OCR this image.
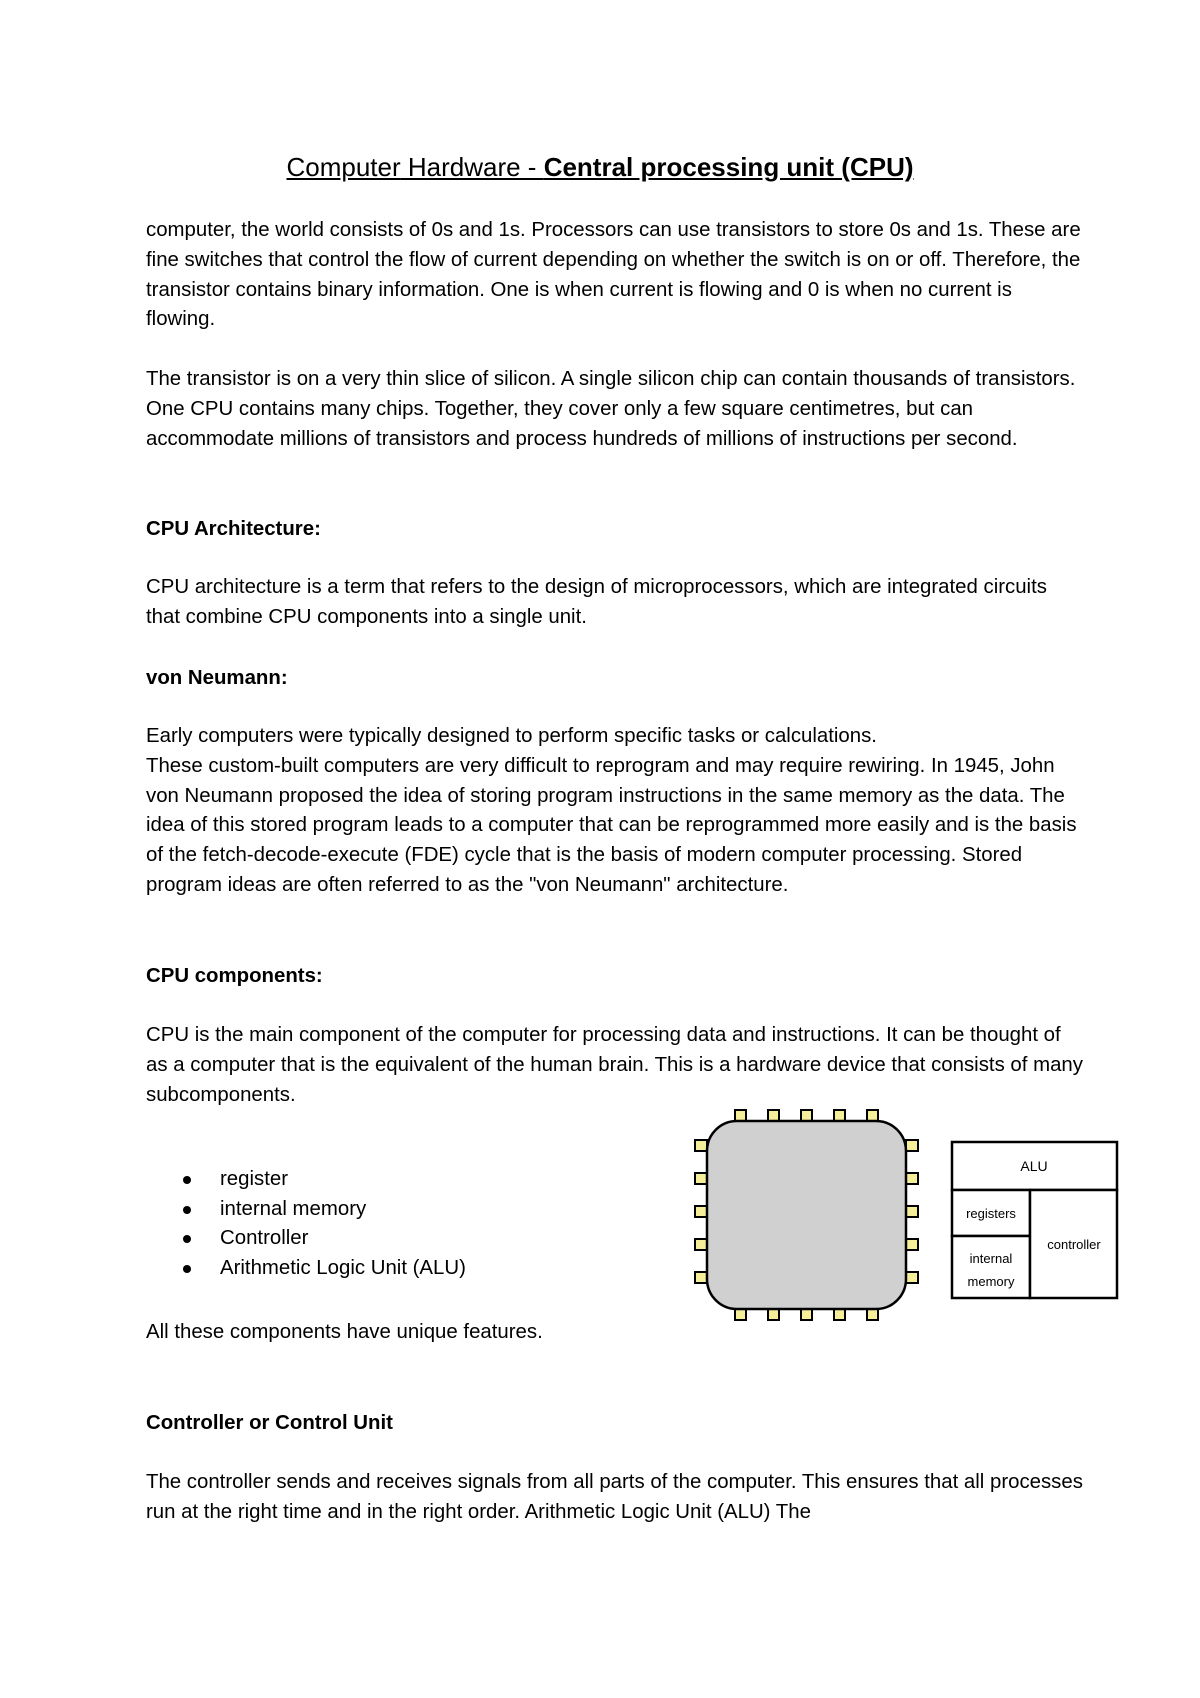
Computer Hardware - Central processing unit (CPU)

computer, the world consists of 0s and 1s. Processors can use transistors to store 0s and 1s. These are fine switches that control the flow of current depending on whether the switch is on or off. Therefore, the transistor contains binary information. One is when current is flowing and 0 is when no current is flowing.

The transistor is on a very thin slice of silicon. A single silicon chip can contain thousands of transistors. One CPU contains many chips. Together, they cover only a few square centimetres, but can accommodate millions of transistors and process hundreds of millions of instructions per second.

CPU Architecture:

CPU architecture is a term that refers to the design of microprocessors, which are integrated circuits that combine CPU components into a single unit.

von Neumann:

Early computers were typically designed to perform specific tasks or calculations.
These custom-built computers are very difficult to reprogram and may require rewiring. In 1945, John von Neumann proposed the idea of storing program instructions in the same memory as the data. The idea of this stored program leads to a computer that can be reprogrammed more easily and is the basis of the fetch-decode-execute (FDE) cycle that is the basis of modern computer processing. Stored program ideas are often referred to as the "von Neumann" architecture.

CPU components:

CPU is the main component of the computer for processing data and instructions. It can be thought of as a computer that is the equivalent of the human brain. This is a hardware device that consists of many subcomponents.

register
internal memory
Controller
Arithmetic Logic Unit (ALU)

All these components have unique features.

Controller or Control Unit

The controller sends and receives signals from all parts of the computer. This ensures that all processes run at the right time and in the right order. Arithmetic Logic Unit (ALU) The

ALU
registers
internal
memory
controller
